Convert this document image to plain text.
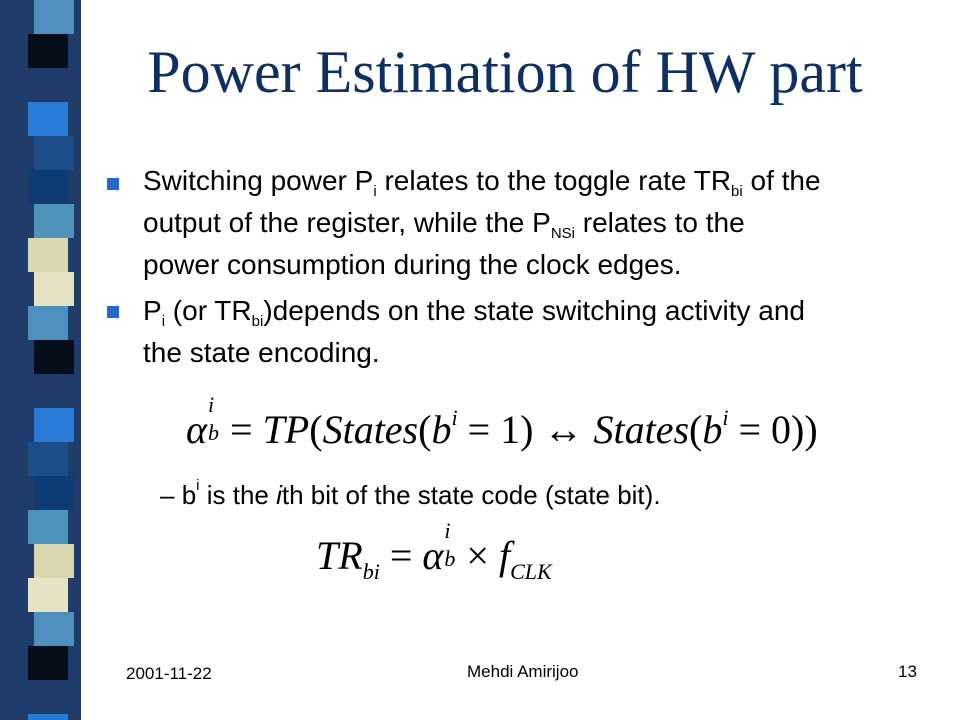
Power Estimation of HW part
Switching power $P_i$ relates to the toggle rate $TR_{bi}$ of the
output of the register, while the $P_{NSi}$ relates to the
power consumption during the clock edges.
$P_i$ (or $TR_{bi})depends$ on the state switching activity and
the state encoding.
α
i
$b = TP(States(b^i = 1)$ ↔ $States(b^i = 0)$)
– $b^i$ is the ith bit of the state code (state bit).
$TR_{bi} = \alpha$
i
$b \times f_{CLK}$
2001-11-22	Mehdi Amirijoo	13
